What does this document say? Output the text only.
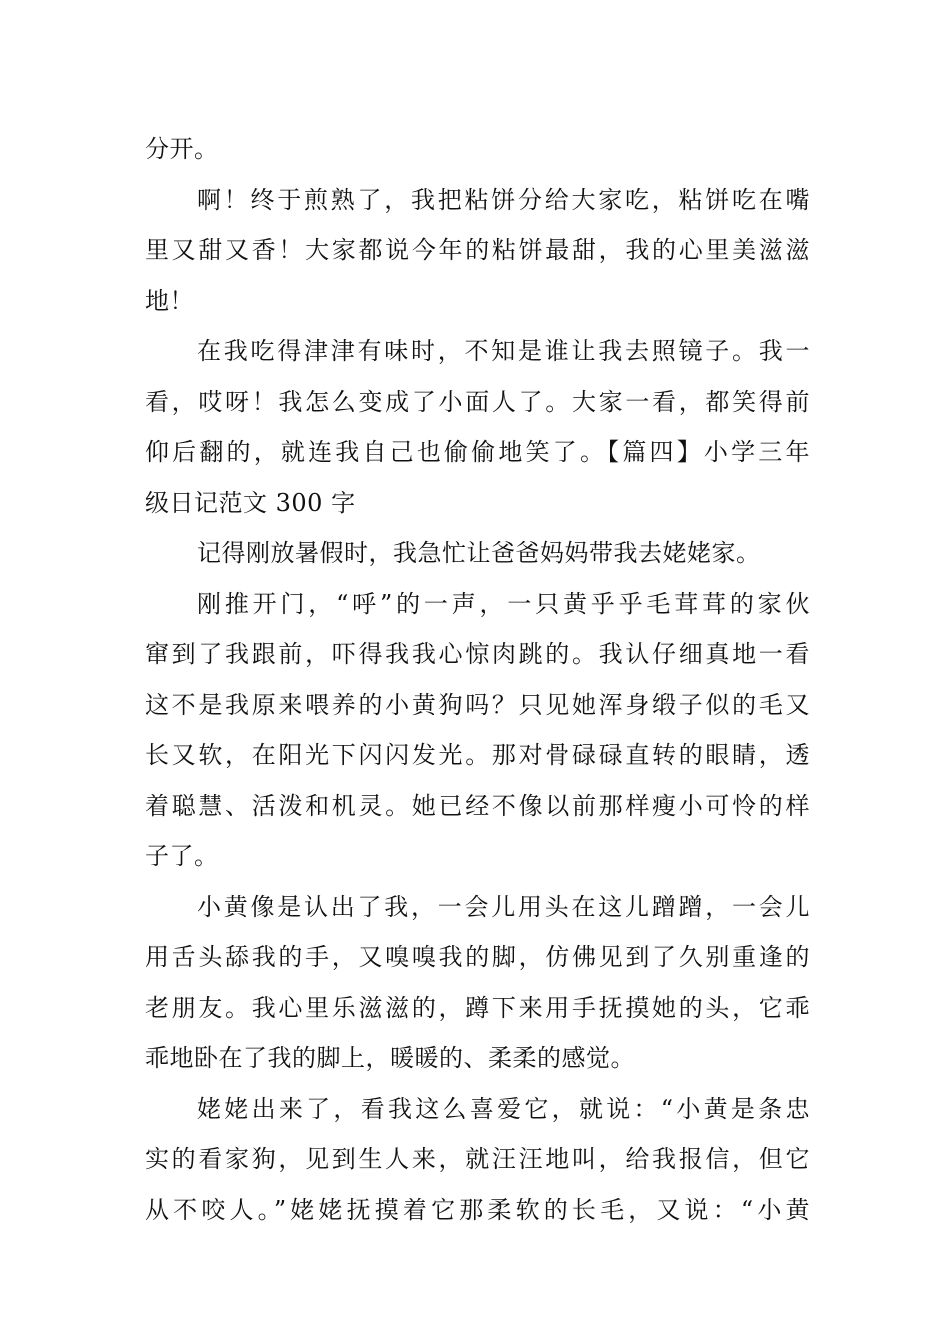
分开。
啊！终于煎熟了，我把粘饼分给大家吃，粘饼吃在嘴
里又甜又香！大家都说今年的粘饼最甜，我的心里美滋滋
地！
在我吃得津津有味时，不知是谁让我去照镜子。我一
看，哎呀！我怎么变成了小面人了。大家一看，都笑得前
仰后翻的，就连我自己也偷偷地笑了。【篇四】小学三年
级日记范文 300 字
记得刚放暑假时，我急忙让爸爸妈妈带我去姥姥家。
刚推开门，“呼”的一声，一只黄乎乎毛茸茸的家伙
窜到了我跟前，吓得我我心惊肉跳的。我认仔细真地一看
这不是我原来喂养的小黄狗吗？只见她浑身缎子似的毛又
长又软，在阳光下闪闪发光。那对骨碌碌直转的眼睛，透
着聪慧、活泼和机灵。她已经不像以前那样瘦小可怜的样
子了。
小黄像是认出了我，一会儿用头在这儿蹭蹭，一会儿
用舌头舔我的手，又嗅嗅我的脚，仿佛见到了久别重逢的
老朋友。我心里乐滋滋的，蹲下来用手抚摸她的头，它乖
乖地卧在了我的脚上，暖暖的、柔柔的感觉。
姥姥出来了，看我这么喜爱它，就说：“小黄是条忠
实的看家狗，见到生人来，就汪汪地叫，给我报信，但它
从不咬人。”姥姥抚摸着它那柔软的长毛，又说：“小黄
